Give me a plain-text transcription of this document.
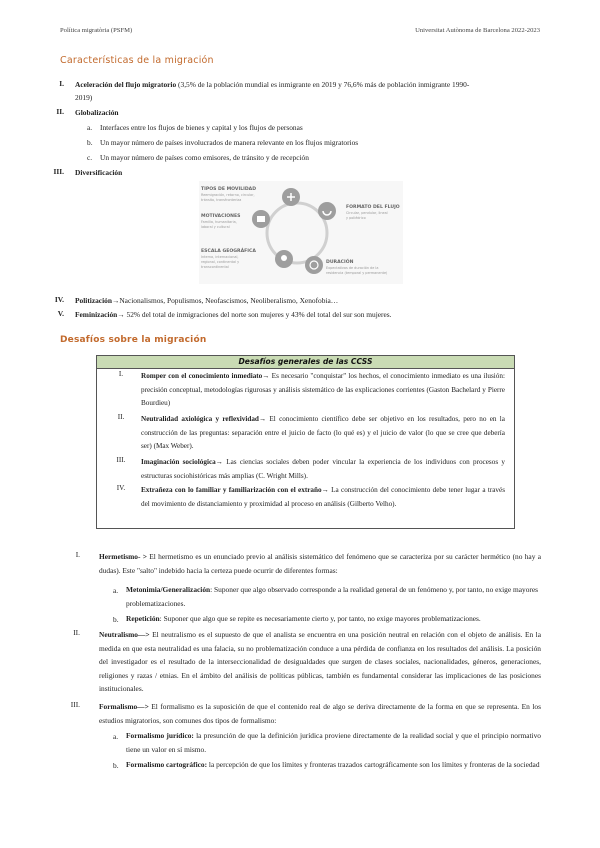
Política migratòria (PSFM)	Universitat Autònoma de Barcelona 2022-2023
Características de la migración
I. Aceleración del flujo migratorio (3,5% de la población mundial es inmigrante en 2019 y 76,6% más de población inmigrante 1990-
2019)
II. Globalización
a. Interfaces entre los flujos de bienes y capital y los flujos de personas
b. Un mayor número de países involucrados de manera relevante en los flujos migratorios
c. Un mayor número de países como emisores, de tránsito y de recepción
III. Diversificación
TIPOS DE MOVILIDAD
Reemigración, retorno, circular,
tránsito, transfronteriza
MOTIVACIONES
Familia, humanitaria,
laboral y cultural
ESCALA GEOGRÁFICA
Interna, internacional,
regional, continental y
transcontinental
FORMATO DEL FLUJO
Circular, pendular, lineal
y poliédrico
DURACIÓN
Expectativas de duración de la
residencia (temporal y permanente)
IV. Politización→Nacionalismos, Populismos, Neofascismos, Neoliberalismo, Xenofobia…
V. Feminización→ 52% del total de inmigraciones del norte son mujeres y 43% del total del sur son mujeres.
Desafíos sobre la migración
Desafíos generales de las CCSS
I.	Romper con el conocimiento inmediato→ Es necesario "conquistar" los hechos, el conocimiento inmediato es una ilusión: precisión conceptual, metodologías rigurosas y análisis sistemático de las explicaciones corrientes (Gaston Bachelard y Pierre Bourdieu)
II.	Neutralidad axiológica y reflexividad→ El conocimiento científico debe ser objetivo en los resultados, pero no en la construcción de las preguntas: separación entre el juicio de facto (lo qué es) y el juicio de valor (lo que se cree que debería ser) (Max Weber).
III.	Imaginación sociológica→ Las ciencias sociales deben poder vincular la experiencia de los individuos con procesos y estructuras sociohistóricas más amplias (C. Wright Mills).
IV.	Extrañeza con lo familiar y familiarización con el extraño→ La construcción del conocimiento debe tener lugar a través del movimiento de distanciamiento y proximidad al proceso en análisis (Gilberto Velho).
I.	Hermetismo- > El hermetismo es un enunciado previo al análisis sistemático del fenómeno que se caracteriza por su carácter hermético (no hay a dudas). Este "salto" indebido hacia la certeza puede ocurrir de diferentes formas:
a. Metonimia/Generalización: Suponer que algo observado corresponde a la realidad general de un fenómeno y, por tanto, no exige mayores problematizaciones.
b. Repetición: Suponer que algo que se repite es necesariamente cierto y, por tanto, no exige mayores problematizaciones.
II.	Neutralismo—> El neutralismo es el supuesto de que el analista se encuentra en una posición neutral en relación con el objeto de análisis. En la medida en que esta neutralidad es una falacia, su no problematización conduce a una pérdida de confianza en los resultados del análisis. La posición del investigador es el resultado de la interseccionalidad de desigualdades que surgen de clases sociales, nacionalidades, géneros, generaciones, religiones y razas / etnias. En el ámbito del análisis de políticas públicas, también es fundamental considerar las implicaciones de las posiciones institucionales.
III.	Formalismo—> El formalismo es la suposición de que el contenido real de algo se deriva directamente de la forma en que se representa. En los estudios migratorios, son comunes dos tipos de formalismo:
a. Formalismo jurídico: la presunción de que la definición jurídica proviene directamente de la realidad social y que el principio normativo tiene un valor en sí mismo.
b. Formalismo cartográfico: la percepción de que los límites y fronteras trazados cartográficamente son los límites y fronteras de la sociedad
